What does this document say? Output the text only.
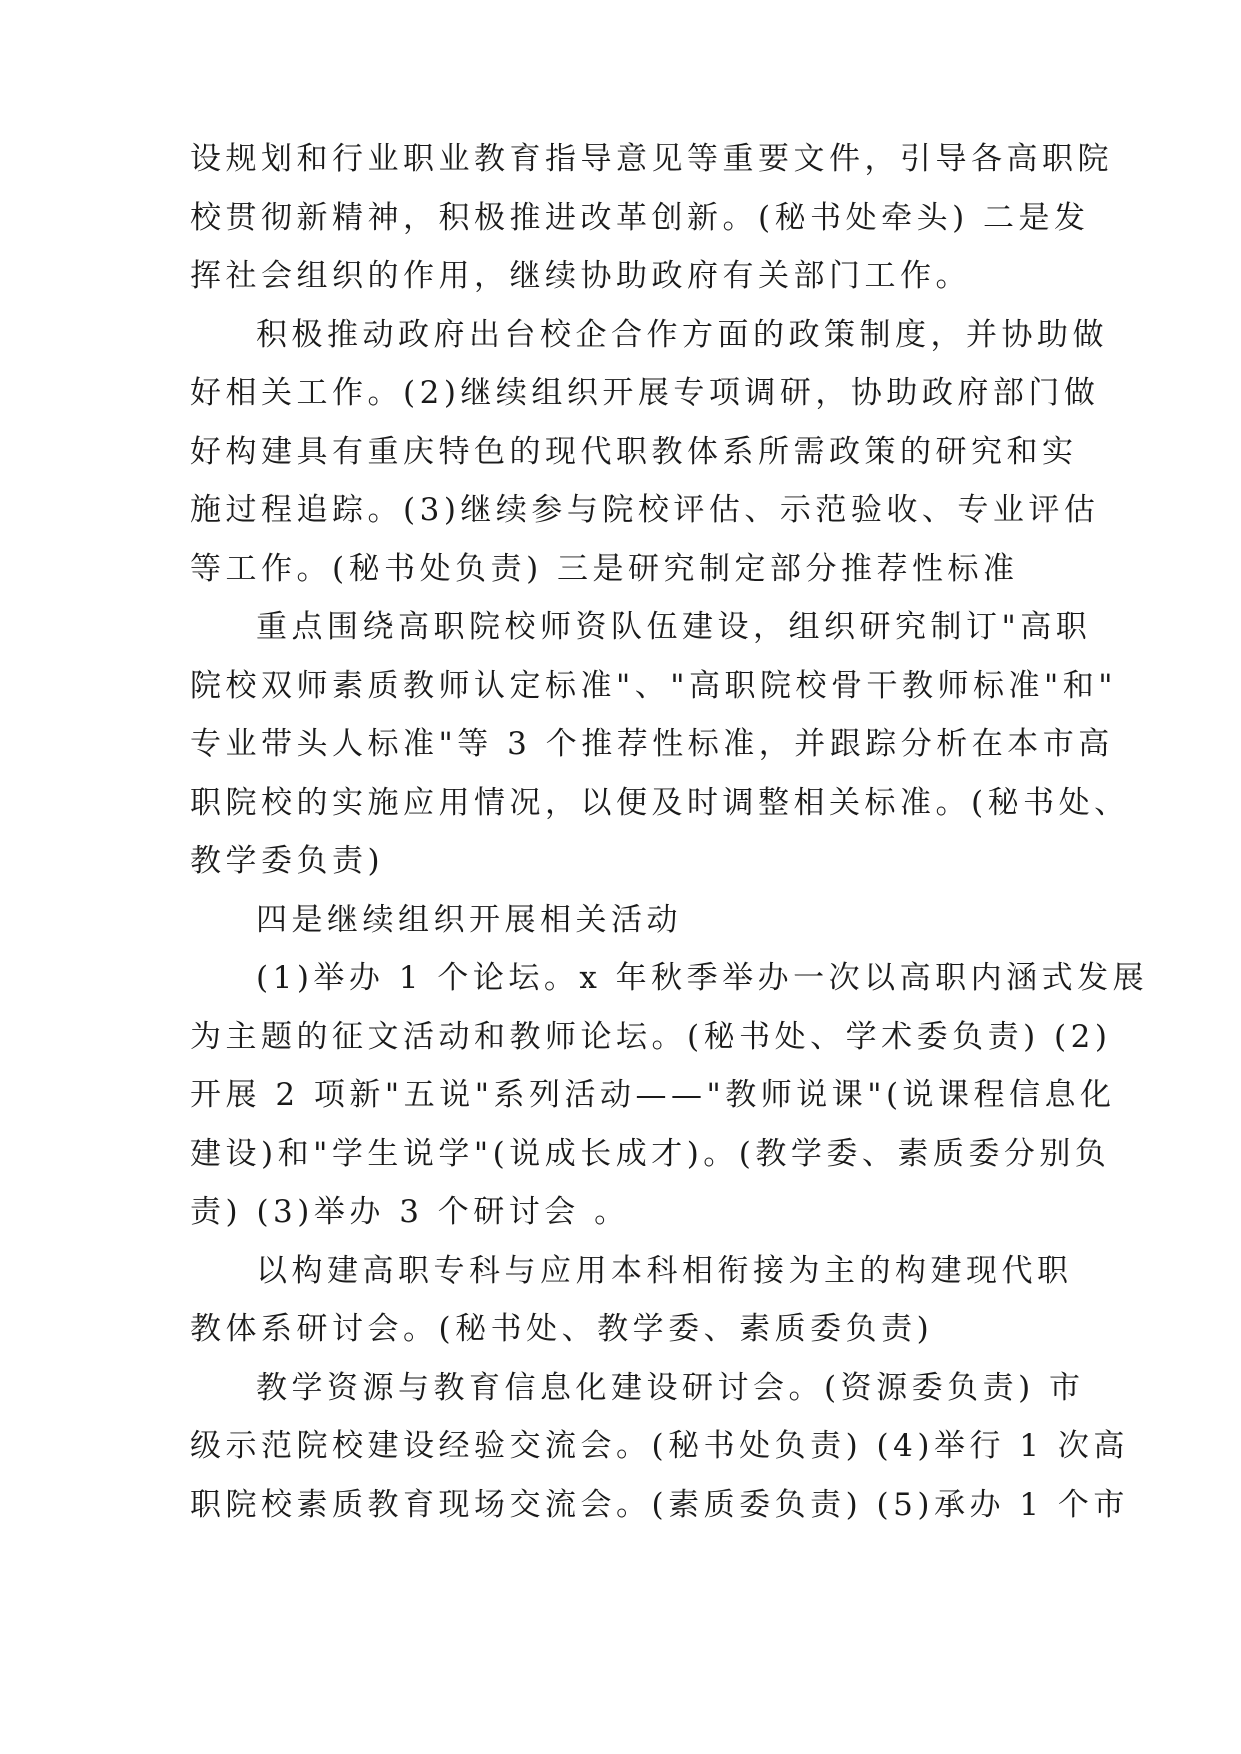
设规划和行业职业教育指导意见等重要文件，引导各高职院
校贯彻新精神，积极推进改革创新。(秘书处牵头) 二是发
挥社会组织的作用，继续协助政府有关部门工作。
积极推动政府出台校企合作方面的政策制度，并协助做
好相关工作。(2)继续组织开展专项调研，协助政府部门做
好构建具有重庆特色的现代职教体系所需政策的研究和实
施过程追踪。(3)继续参与院校评估、示范验收、专业评估
等工作。(秘书处负责) 三是研究制定部分推荐性标准
重点围绕高职院校师资队伍建设，组织研究制订"高职
院校双师素质教师认定标准"、"高职院校骨干教师标准"和"
专业带头人标准"等 3 个推荐性标准，并跟踪分析在本市高
职院校的实施应用情况，以便及时调整相关标准。(秘书处、
教学委负责)
四是继续组织开展相关活动
(1)举办 1 个论坛。x 年秋季举办一次以高职内涵式发展
为主题的征文活动和教师论坛。(秘书处、学术委负责) (2)
开展 2 项新"五说"系列活动——"教师说课"(说课程信息化
建设)和"学生说学"(说成长成才)。(教学委、素质委分别负
责) (3)举办 3 个研讨会 。
以构建高职专科与应用本科相衔接为主的构建现代职
教体系研讨会。(秘书处、教学委、素质委负责)
教学资源与教育信息化建设研讨会。(资源委负责) 市
级示范院校建设经验交流会。(秘书处负责) (4)举行 1 次高
职院校素质教育现场交流会。(素质委负责) (5)承办 1 个市
